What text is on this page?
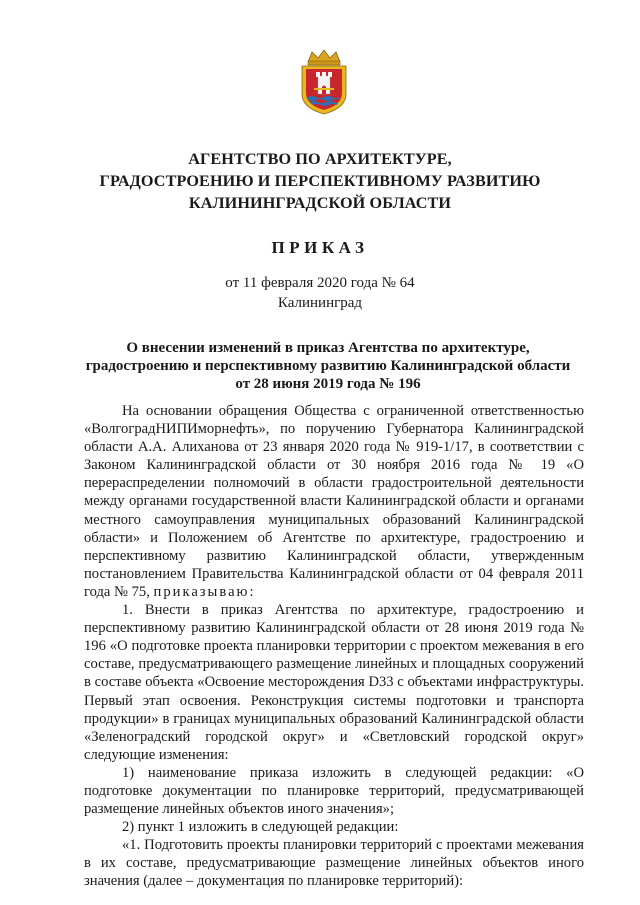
АГЕНТСТВО ПО АРХИТЕКТУРЕ,
ГРАДОСТРОЕНИЮ И ПЕРСПЕКТИВНОМУ РАЗВИТИЮ
КАЛИНИНГРАДСКОЙ ОБЛАСТИ
ПРИКАЗ
от 11 февраля 2020 года № 64
Калининград
О внесении изменений в приказ Агентства по архитектуре,
градостроению и перспективному развитию Калининградской области
от 28 июня 2019 года № 196

На основании обращения Общества с ограниченной ответственностью «ВолгоградНИПИморнефть», по поручению Губернатора Калининградской области А.А. Алиханова от 23 января 2020 года № 919-1/17, в соответствии с Законом Калининградской области от 30 ноября 2016 года № 19 «О перераспределении полномочий в области градостроительной деятельности между органами государственной власти Калининградской области и органами местного самоуправления муниципальных образований Калининградской области» и Положением об Агентстве по архитектуре, градостроению и перспективному развитию Калининградской области, утвержденным постановлением Правительства Калининградской области от 04 февраля 2011 года № 75, приказываю:

1. Внести в приказ Агентства по архитектуре, градостроению и перспективному развитию Калининградской области от 28 июня 2019 года № 196 «О подготовке проекта планировки территории с проектом межевания в его составе, предусматривающего размещение линейных и площадных сооружений в составе объекта «Освоение месторождения D33 с объектами инфраструктуры. Первый этап освоения. Реконструкция системы подготовки и транспорта продукции» в границах муниципальных образований Калининградской области «Зеленоградский городской округ» и «Светловский городской округ» следующие изменения:

1) наименование приказа изложить в следующей редакции: «О подготовке документации по планировке территорий, предусматривающей размещение линейных объектов иного значения»;

2) пункт 1 изложить в следующей редакции:

«1. Подготовить проекты планировки территорий с проектами межевания в их составе, предусматривающие размещение линейных объектов иного значения (далее – документация по планировке территорий):
